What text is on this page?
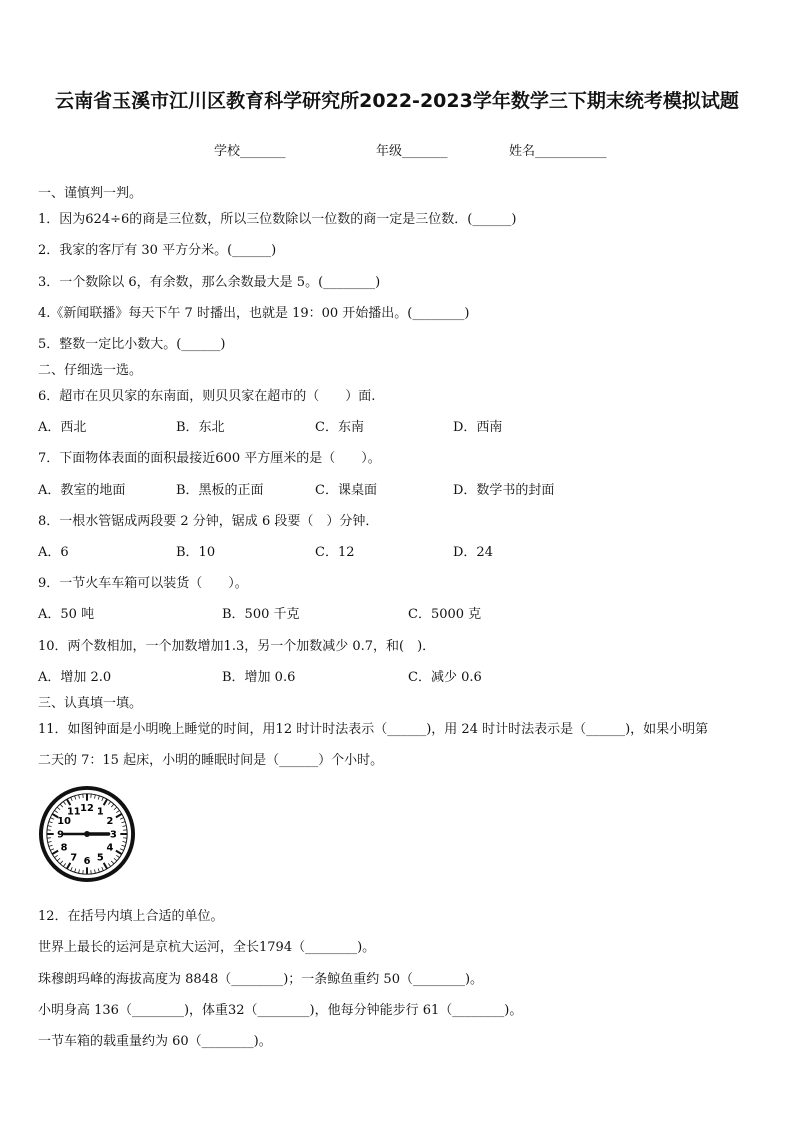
云南省玉溪市江川区教育科学研究所2022-2023学年数学三下期末统考模拟试题
学校_______	年级_______	姓名___________
一、谨慎判一判。
1．因为624÷6的商是三位数，所以三位数除以一位数的商一定是三位数．(______)
2．我家的客厅有 30 平方分米。(______)
3．一个数除以 6，有余数，那么余数最大是 5。(________)
4.《新闻联播》每天下午 7 时播出，也就是 19：00 开始播出。(________)
5．整数一定比小数大。(______)
二、仔细选一选。
6．超市在贝贝家的东南面，则贝贝家在超市的（　　）面.
A．西北	B．东北	C．东南	D．西南
7．下面物体表面的面积最接近600 平方厘米的是（　　）。
A．教室的地面	B．黑板的正面	C．课桌面	D．数学书的封面
8．一根水管锯成两段要 2 分钟，锯成 6 段要（　）分钟．
A．6	B．10	C．12	D．24
9．一节火车车箱可以装货（　　）。
A．50 吨	B．500 千克	C．5000 克
10．两个数相加，一个加数增加1.3，另一个加数减少 0.7，和(　)．
A．增加 2.0	B．增加 0.6	C．减少 0.6
三、认真填一填。
11．如图钟面是小明晚上睡觉的时间，用12 时计时法表示（______)，用 24 时计时法表示是（______)，如果小明第
二天的 7：15 起床，小明的睡眠时间是（______）个小时。
12 1
2
3
4
5
6
7
8
9
10
11
12．在括号内填上合适的单位。
世界上最长的运河是京杭大运河，全长1794（________)。
珠穆朗玛峰的海拔高度为 8848（________)；一条鲸鱼重约 50（________)。
小明身高 136（________)，体重32（________)，他每分钟能步行 61（________)。
一节车箱的载重量约为 60（________)。
